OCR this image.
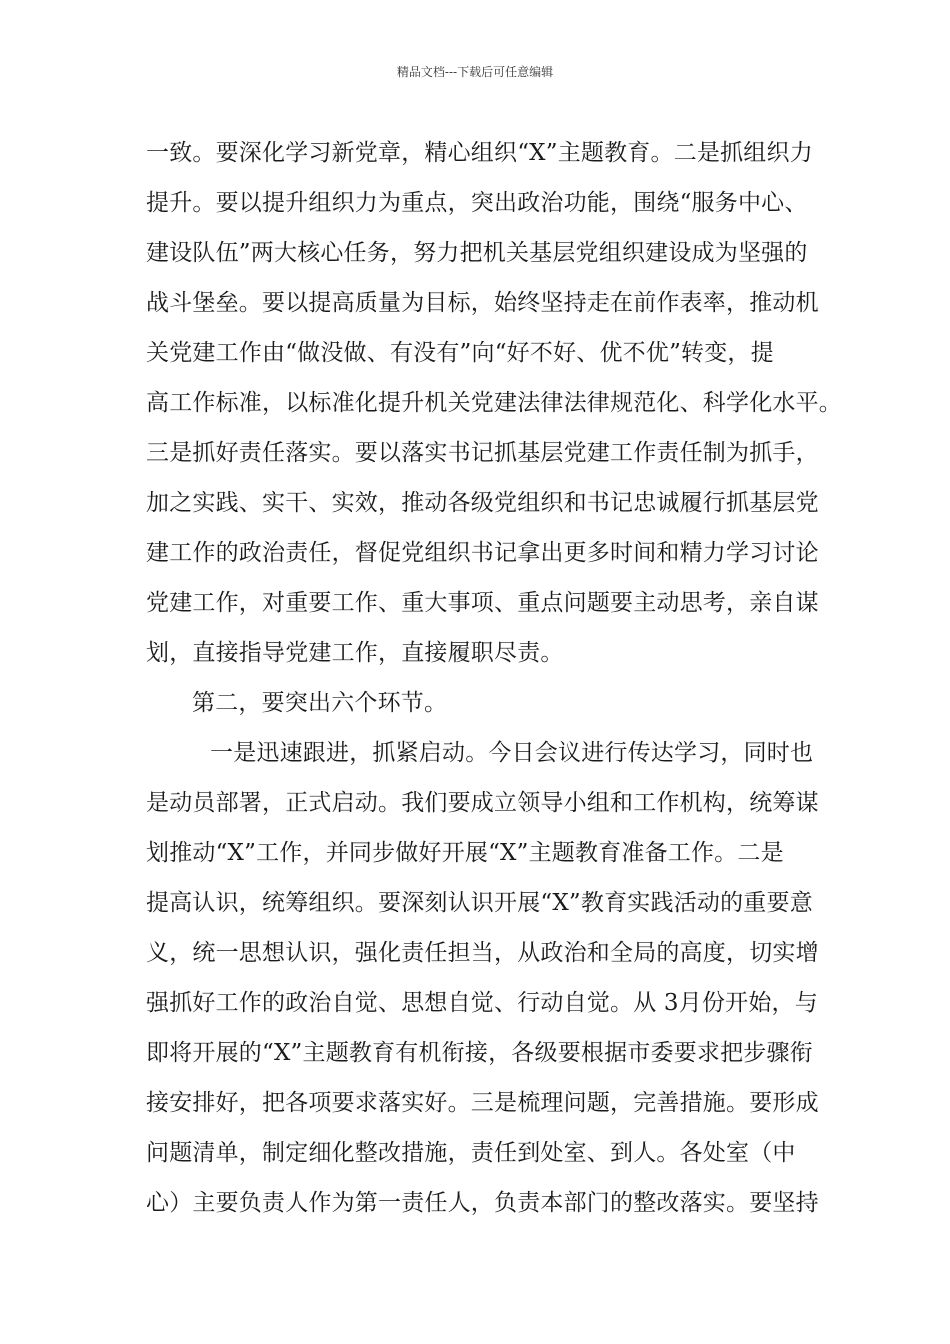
精品文档---下载后可任意编辑
一致。要深化学习新党章，精心组织“X”主题教育。二是抓组织力
提升。要以提升组织力为重点，突出政治功能，围绕“服务中心、
建设队伍”两大核心任务，努力把机关基层党组织建设成为坚强的
战斗堡垒。要以提高质量为目标，始终坚持走在前作表率，推动机
关党建工作由“做没做、有没有”向“好不好、优不优”转变，提
高工作标准，以标准化提升机关党建法律法律规范化、科学化水平。
三是抓好责任落实。要以落实书记抓基层党建工作责任制为抓手，
加之实践、实干、实效，推动各级党组织和书记忠诚履行抓基层党
建工作的政治责任，督促党组织书记拿出更多时间和精力学习讨论
党建工作，对重要工作、重大事项、重点问题要主动思考，亲自谋
划，直接指导党建工作，直接履职尽责。
第二，要突出六个环节。
一是迅速跟进，抓紧启动。今日会议进行传达学习，同时也
是动员部署，正式启动。我们要成立领导小组和工作机构，统筹谋
划推动“X”工作，并同步做好开展“X”主题教育准备工作。二是
提高认识，统筹组织。要深刻认识开展“X”教育实践活动的重要意
义，统一思想认识，强化责任担当，从政治和全局的高度，切实增
强抓好工作的政治自觉、思想自觉、行动自觉。从 3月份开始，与
即将开展的“X”主题教育有机衔接，各级要根据市委要求把步骤衔
接安排好，把各项要求落实好。三是梳理问题，完善措施。要形成
问题清单，制定细化整改措施，责任到处室、到人。各处室（中
心）主要负责人作为第一责任人，负责本部门的整改落实。要坚持
